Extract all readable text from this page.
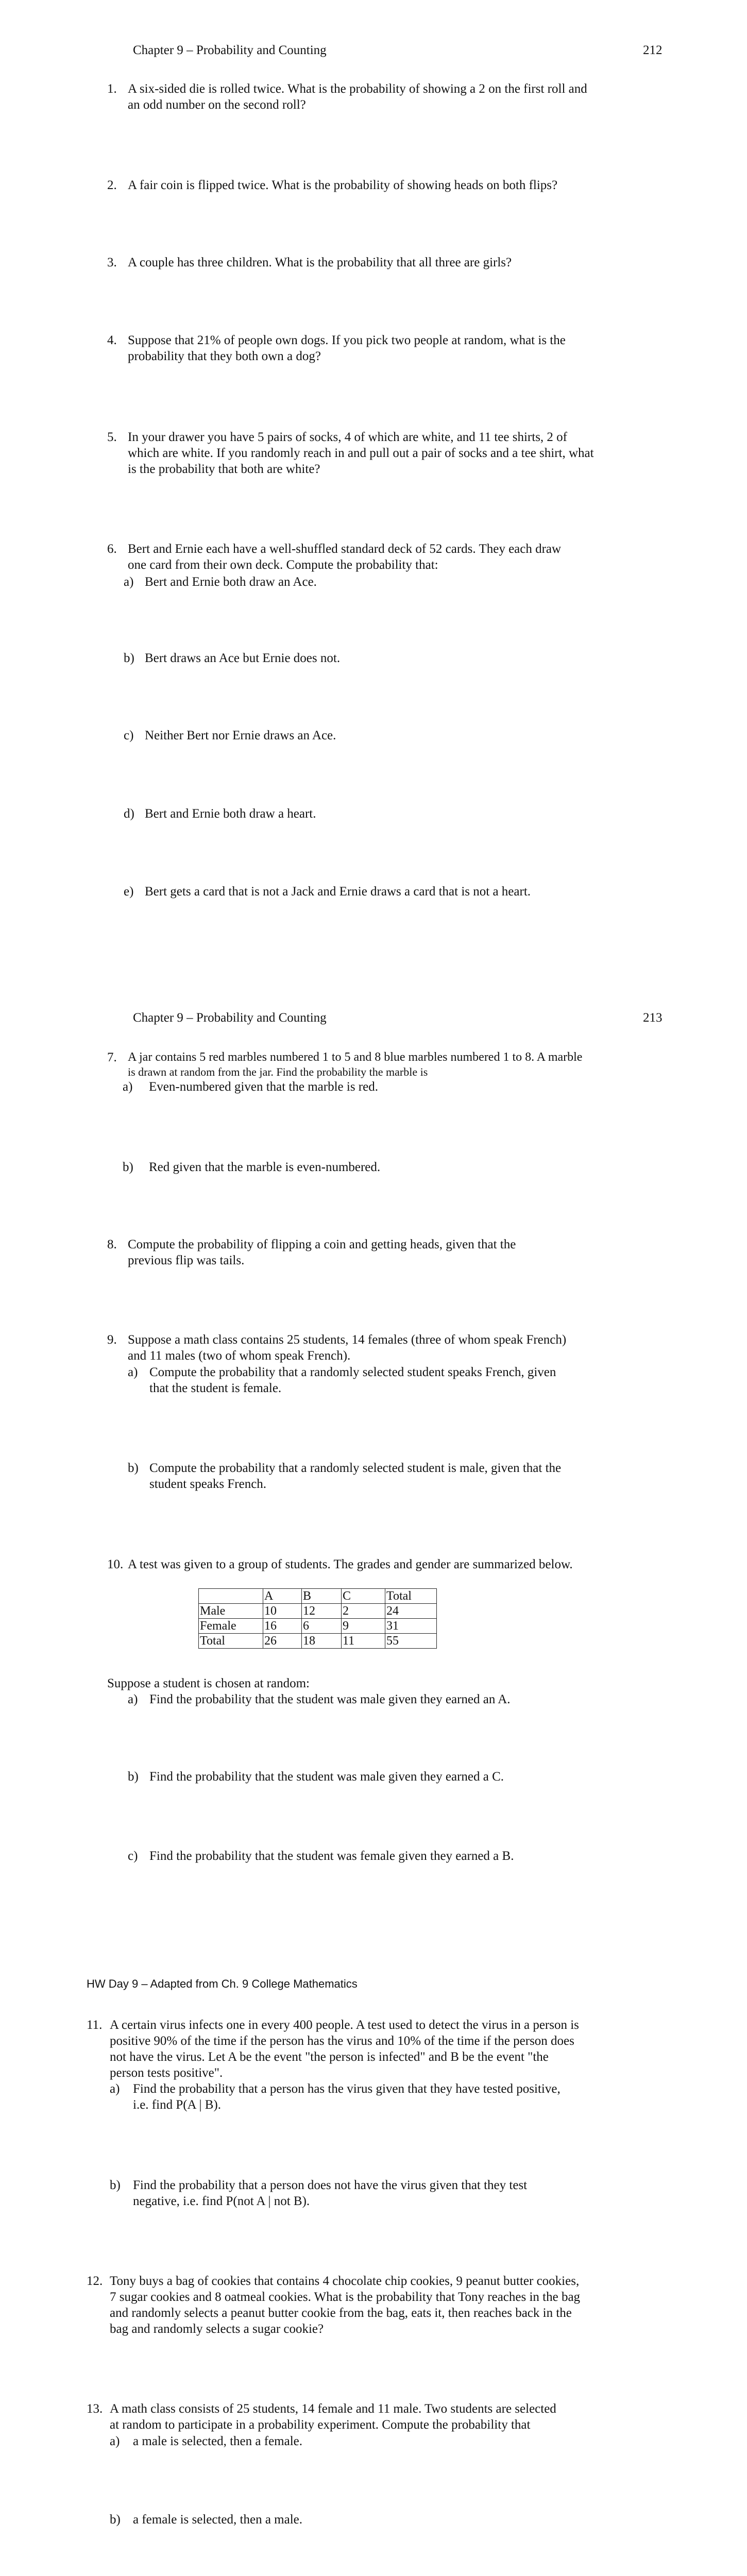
Chapter 9 – Probability and Counting	212
1. A six-sided die is rolled twice. What is the probability of showing a 2 on the first roll and
an odd number on the second roll?
2. A fair coin is flipped twice. What is the probability of showing heads on both flips?
3. A couple has three children. What is the probability that all three are girls?
4. Suppose that 21% of people own dogs. If you pick two people at random, what is the
probability that they both own a dog?
5. In your drawer you have 5 pairs of socks, 4 of which are white, and 11 tee shirts, 2 of
which are white. If you randomly reach in and pull out a pair of socks and a tee shirt, what
is the probability that both are white?
6. Bert and Ernie each have a well-shuffled standard deck of 52 cards. They each draw
one card from their own deck. Compute the probability that:
a) Bert and Ernie both draw an Ace.
b) Bert draws an Ace but Ernie does not.
c) Neither Bert nor Ernie draws an Ace.
d) Bert and Ernie both draw a heart.
e) Bert gets a card that is not a Jack and Ernie draws a card that is not a heart.
Chapter 9 – Probability and Counting	213
7. A jar contains 5 red marbles numbered 1 to 5 and 8 blue marbles numbered 1 to 8. A marble
is drawn at random from the jar. Find the probability the marble is
a) Even-numbered given that the marble is red.
b) Red given that the marble is even-numbered.
8. Compute the probability of flipping a coin and getting heads, given that the
previous flip was tails.
9. Suppose a math class contains 25 students, 14 females (three of whom speak French)
and 11 males (two of whom speak French).
a) Compute the probability that a randomly selected student speaks French, given
that the student is female.
b) Compute the probability that a randomly selected student is male, given that the
student speaks French.
10. A test was given to a group of students. The grades and gender are summarized below.
	A	B	C	Total
Male	10	12	2	24
Female	16	6	9	31
Total	26	18	11	55
Suppose a student is chosen at random:
a) Find the probability that the student was male given they earned an A.
b) Find the probability that the student was male given they earned a C.
c) Find the probability that the student was female given they earned a B.
HW Day 9 – Adapted from Ch. 9 College Mathematics
11. A certain virus infects one in every 400 people. A test used to detect the virus in a person is
positive 90% of the time if the person has the virus and 10% of the time if the person does
not have the virus. Let A be the event "the person is infected" and B be the event "the
person tests positive".
a) Find the probability that a person has the virus given that they have tested positive,
i.e. find P(A | B).
b) Find the probability that a person does not have the virus given that they test
negative, i.e. find P(not A | not B).
12. Tony buys a bag of cookies that contains 4 chocolate chip cookies, 9 peanut butter cookies,
7 sugar cookies and 8 oatmeal cookies. What is the probability that Tony reaches in the bag
and randomly selects a peanut butter cookie from the bag, eats it, then reaches back in the
bag and randomly selects a sugar cookie?
13. A math class consists of 25 students, 14 female and 11 male. Two students are selected
at random to participate in a probability experiment. Compute the probability that
a) a male is selected, then a female.
b) a female is selected, then a male.
